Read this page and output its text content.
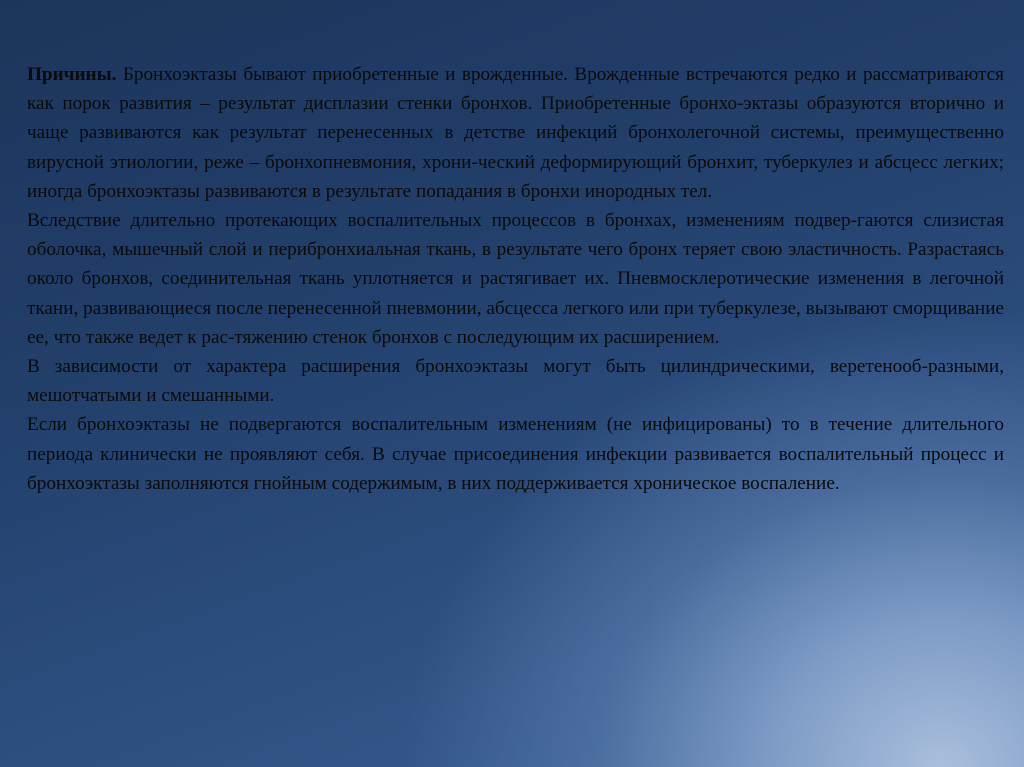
Причины. Бронхоэктазы бывают приобретенные и врожденные. Врожденные встречаются редко и рассматриваются как порок развития – результат дисплазии стенки бронхов. Приобретенные бронхо-эктазы образуются вторично и чаще развиваются как результат перенесенных в детстве инфекций бронхолегочной системы, преимущественно вирусной этиологии, реже – бронхопневмония, хрони-ческий деформирующий бронхит, туберкулез и абсцесс легких; иногда бронхоэктазы развиваются в результате попадания в бронхи инородных тел.

Вследствие длительно протекающих воспалительных процессов в бронхах, изменениям подвер-гаются слизистая оболочка, мышечный слой и перибронхиальная ткань, в результате чего бронх теряет свою эластичность. Разрастаясь около бронхов, соединительная ткань уплотняется и растягивает их. Пневмосклеротические изменения в легочной ткани, развивающиеся после перенесенной пневмонии, абсцесса легкого или при туберкулезе, вызывают сморщивание ее, что также ведет к рас-тяжению стенок бронхов с последующим их расширением.

В зависимости от характера расширения бронхоэктазы могут быть цилиндрическими, веретенооб-разными, мешотчатыми и смешанными.

Если бронхоэктазы не подвергаются воспалительным изменениям (не инфицированы) то в течение длительного периода клинически не проявляют себя. В случае присоединения инфекции развивается воспалительный процесс и бронхоэктазы заполняются гнойным содержимым, в них поддерживается хроническое воспаление.
